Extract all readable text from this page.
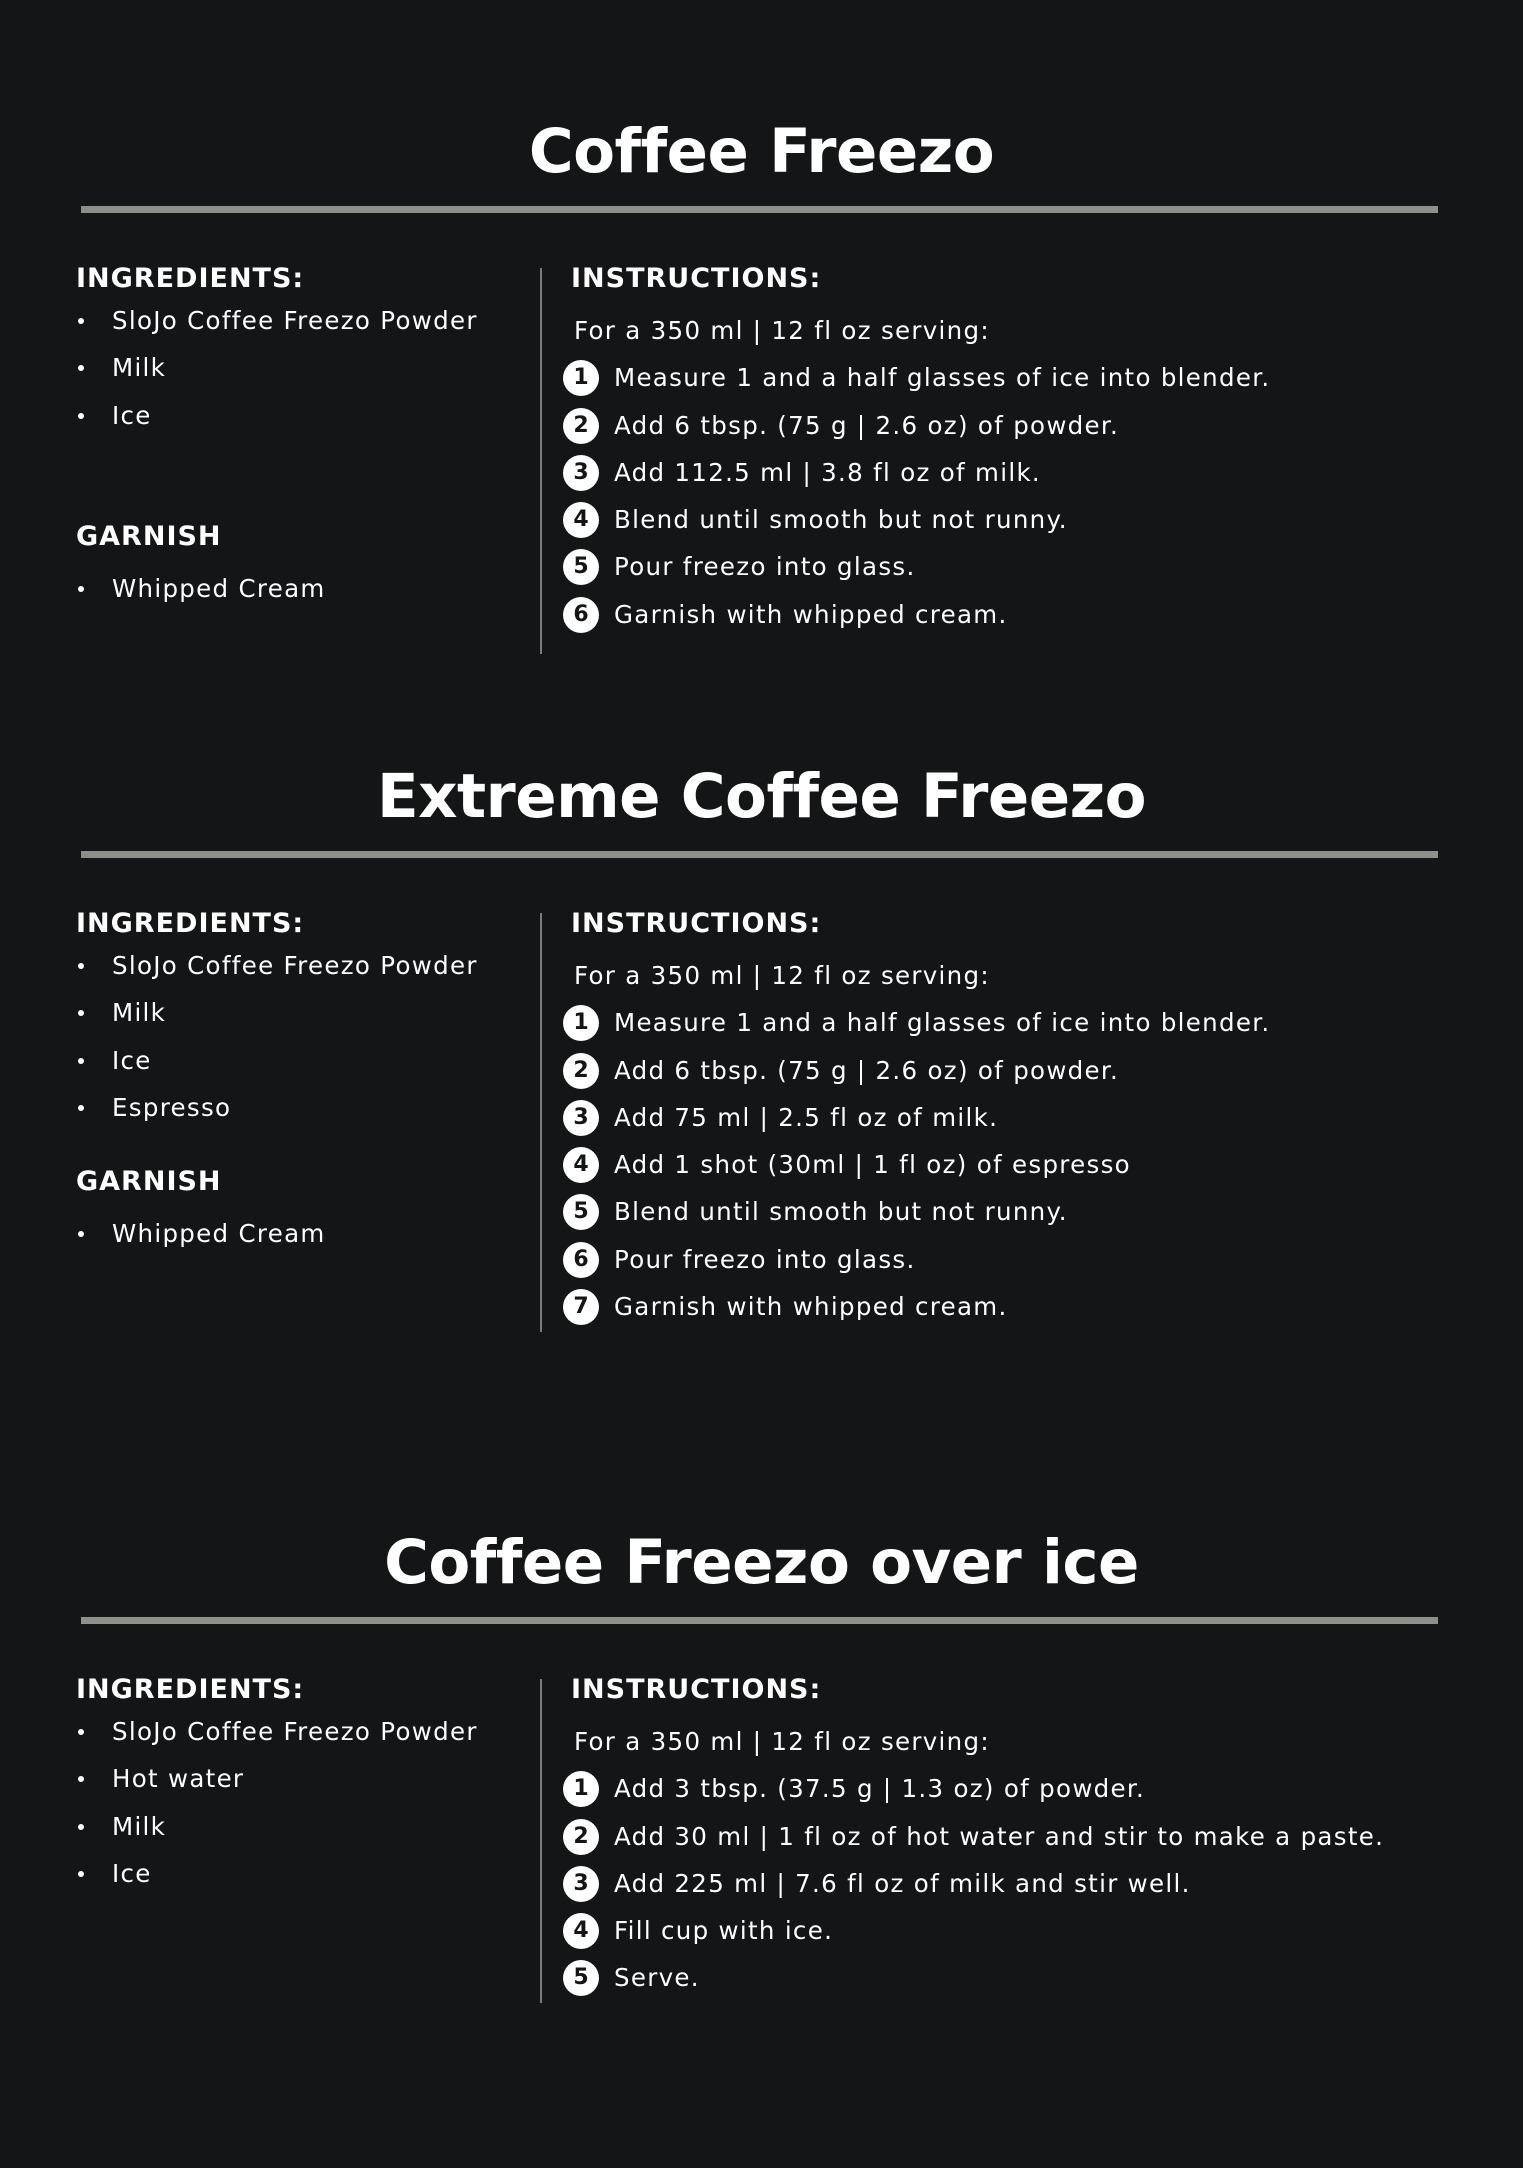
Coffee Freezo
INGREDIENTS:
SloJo Coffee Freezo Powder
Milk
Ice
GARNISH
Whipped Cream
INSTRUCTIONS:
For a 350 ml | 12 fl oz serving:
1	Measure 1 and a half glasses of ice into blender.
2	Add 6 tbsp. (75 g | 2.6 oz) of powder.
3	Add 112.5 ml | 3.8 fl oz of milk.
4	Blend until smooth but not runny.
5	Pour freezo into glass.
6	Garnish with whipped cream.
Extreme Coffee Freezo
INGREDIENTS:
SloJo Coffee Freezo Powder
Milk
Ice
Espresso
GARNISH
Whipped Cream
INSTRUCTIONS:
For a 350 ml | 12 fl oz serving:
1	Measure 1 and a half glasses of ice into blender.
2	Add 6 tbsp. (75 g | 2.6 oz) of powder.
3	Add 75 ml | 2.5 fl oz of milk.
4	Add 1 shot (30ml | 1 fl oz) of espresso
5	Blend until smooth but not runny.
6	Pour freezo into glass.
7	Garnish with whipped cream.
Coffee Freezo over ice
INGREDIENTS:
SloJo Coffee Freezo Powder
Hot water
Milk
Ice
INSTRUCTIONS:
For a 350 ml | 12 fl oz serving:
1	Add 3 tbsp. (37.5 g | 1.3 oz) of powder.
2	Add 30 ml | 1 fl oz of hot water and stir to make a paste.
3	Add 225 ml | 7.6 fl oz of milk and stir well.
4	Fill cup with ice.
5	Serve.
